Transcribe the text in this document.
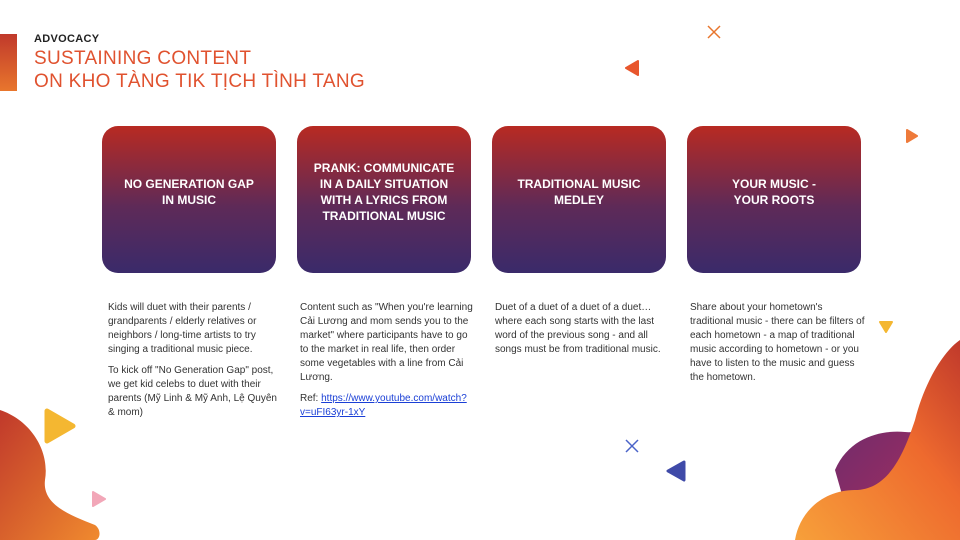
ADVOCACY
SUSTAINING CONTENT
ON KHO TÀNG TIK TỊCH TÌNH TANG
NO GENERATION GAP
IN MUSIC
PRANK: COMMUNICATE
IN A DAILY SITUATION
WITH A LYRICS FROM
TRADITIONAL MUSIC
TRADITIONAL MUSIC
MEDLEY
YOUR MUSIC -
YOUR ROOTS

Kids will duet with their parents / grandparents / elderly relatives or neighbors / long-time artists to try singing a traditional music piece.

To kick off "No Generation Gap" post, we get kid celebs to duet with their parents (Mỹ Linh & Mỹ Anh, Lệ Quyên & mom)

Content such as "When you're learning Cải Lương and mom sends you to the market" where participants have to go to the market in real life, then order some vegetables with a line from Cải Lương.

Ref: https://www.youtube.com/watch?v=uFI63yr-1xY

Duet of a duet of a duet of a duet… where each song starts with the last word of the previous song - and all songs must be from traditional music.

Share about your hometown's traditional music - there can be filters of each hometown - a map of traditional music according to hometown - or you have to listen to the music and guess the hometown.
